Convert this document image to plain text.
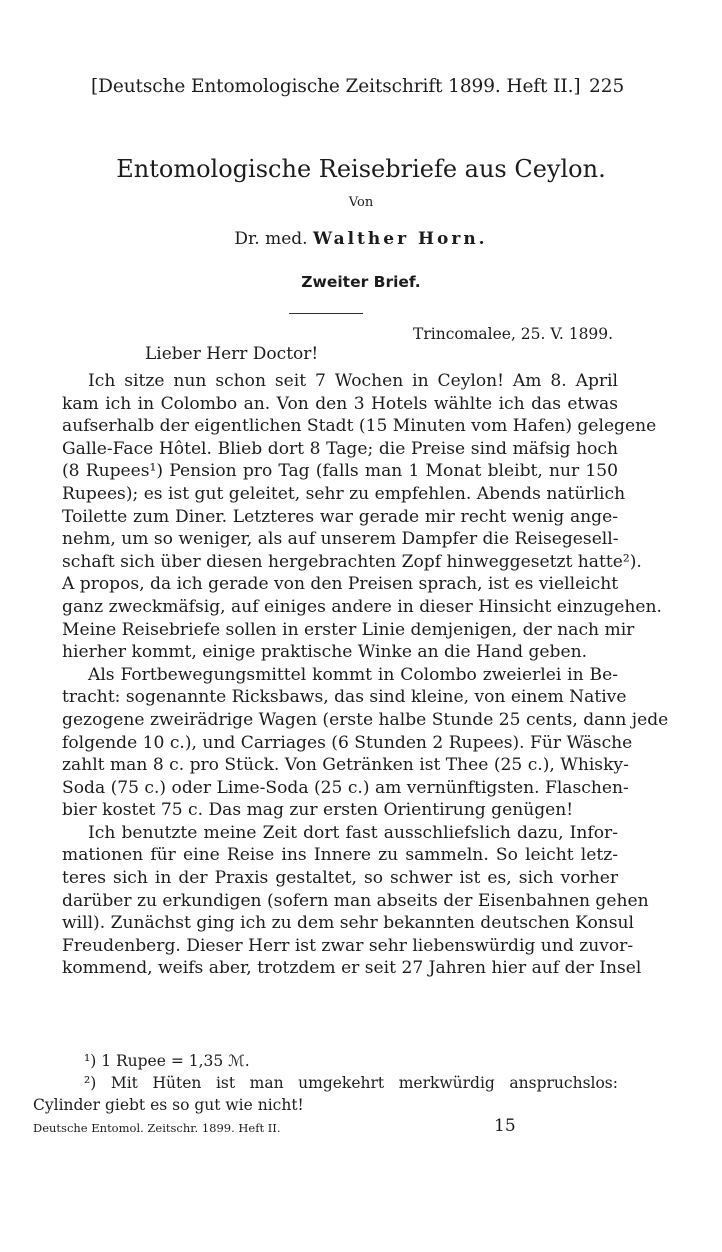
[Deutsche Entomologische Zeitschrift 1899. Heft II.] 225
Entomologische Reisebriefe aus Ceylon.
Von
Dr. med. Walther Horn.
Zweiter Brief.
Trincomalee, 25. V. 1899.
Lieber Herr Doctor!
Ich sitze nun schon seit 7 Wochen in Ceylon! Am 8. April
kam ich in Colombo an. Von den 3 Hotels wählte ich das etwas
aufserhalb der eigentlichen Stadt (15 Minuten vom Hafen) gelegene
Galle-Face Hôtel. Blieb dort 8 Tage; die Preise sind mäfsig hoch
(8 Rupees¹) Pension pro Tag (falls man 1 Monat bleibt, nur 150
Rupees); es ist gut geleitet, sehr zu empfehlen. Abends natürlich
Toilette zum Diner. Letzteres war gerade mir recht wenig ange-
nehm, um so weniger, als auf unserem Dampfer die Reisegesell-
schaft sich über diesen hergebrachten Zopf hinweggesetzt hatte²).
A propos, da ich gerade von den Preisen sprach, ist es vielleicht
ganz zweckmäfsig, auf einiges andere in dieser Hinsicht einzugehen.
Meine Reisebriefe sollen in erster Linie demjenigen, der nach mir
hierher kommt, einige praktische Winke an die Hand geben.
Als Fortbewegungsmittel kommt in Colombo zweierlei in Be-
tracht: sogenannte Ricksbaws, das sind kleine, von einem Native
gezogene zweirädrige Wagen (erste halbe Stunde 25 cents, dann jede
folgende 10 c.), und Carriages (6 Stunden 2 Rupees). Für Wäsche
zahlt man 8 c. pro Stück. Von Getränken ist Thee (25 c.), Whisky-
Soda (75 c.) oder Lime-Soda (25 c.) am vernünftigsten. Flaschen-
bier kostet 75 c. Das mag zur ersten Orientirung genügen!
Ich benutzte meine Zeit dort fast ausschliefslich dazu, Infor-
mationen für eine Reise ins Innere zu sammeln. So leicht letz-
teres sich in der Praxis gestaltet, so schwer ist es, sich vorher
darüber zu erkundigen (sofern man abseits der Eisenbahnen gehen
will). Zunächst ging ich zu dem sehr bekannten deutschen Konsul
Freudenberg. Dieser Herr ist zwar sehr liebenswürdig und zuvor-
kommend, weifs aber, trotzdem er seit 27 Jahren hier auf der Insel
¹) 1 Rupee = 1,35 ℳ.
²) Mit Hüten ist man umgekehrt merkwürdig anspruchslos:
Cylinder giebt es so gut wie nicht!
Deutsche Entomol. Zeitschr. 1899. Heft II.	15
